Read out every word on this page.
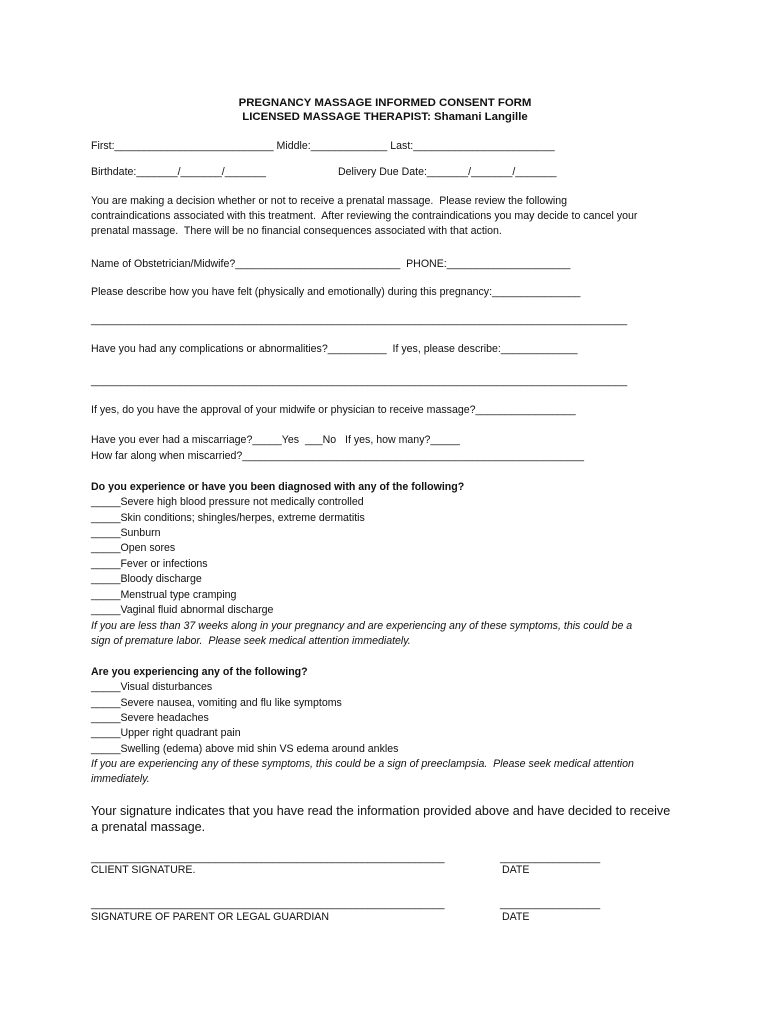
PREGNANCY MASSAGE INFORMED CONSENT FORM
LICENSED MASSAGE THERAPIST: Shamani Langille
First:___________________________ Middle:_____________ Last:________________________
Birthdate:_______/_______/_______	Delivery Due Date:_______/_______/_______
You are making a decision whether or not to receive a prenatal massage.  Please review the following
contraindications associated with this treatment.  After reviewing the contraindications you may decide to cancel your
prenatal massage.  There will be no financial consequences associated with that action.
Name of Obstetrician/Midwife?____________________________  PHONE:_____________________
Please describe how you have felt (physically and emotionally) during this pregnancy:_______________
___________________________________________________________________________________________
Have you had any complications or abnormalities?__________  If yes, please describe:_____________
___________________________________________________________________________________________
If yes, do you have the approval of your midwife or physician to receive massage?_________________
Have you ever had a miscarriage?_____Yes  ___No   If yes, how many?_____
How far along when miscarried?__________________________________________________________
Do you experience or have you been diagnosed with any of the following?
_____Severe high blood pressure not medically controlled
_____Skin conditions; shingles/herpes, extreme dermatitis
_____Sunburn
_____Open sores
_____Fever or infections
_____Bloody discharge
_____Menstrual type cramping
_____Vaginal fluid abnormal discharge
If you are less than 37 weeks along in your pregnancy and are experiencing any of these symptoms, this could be a
sign of premature labor.  Please seek medical attention immediately.
Are you experiencing any of the following?
_____Visual disturbances
_____Severe nausea, vomiting and flu like symptoms
_____Severe headaches
_____Upper right quadrant pain
_____Swelling (edema) above mid shin VS edema around ankles
If you are experiencing any of these symptoms, this could be a sign of preeclampsia.  Please seek medical attention
immediately.
Your signature indicates that you have read the information provided above and have decided to receive
a prenatal massage.
____________________________________________________________	_________________
CLIENT SIGNATURE.	DATE
____________________________________________________________	_________________
SIGNATURE OF PARENT OR LEGAL GUARDIAN	DATE
